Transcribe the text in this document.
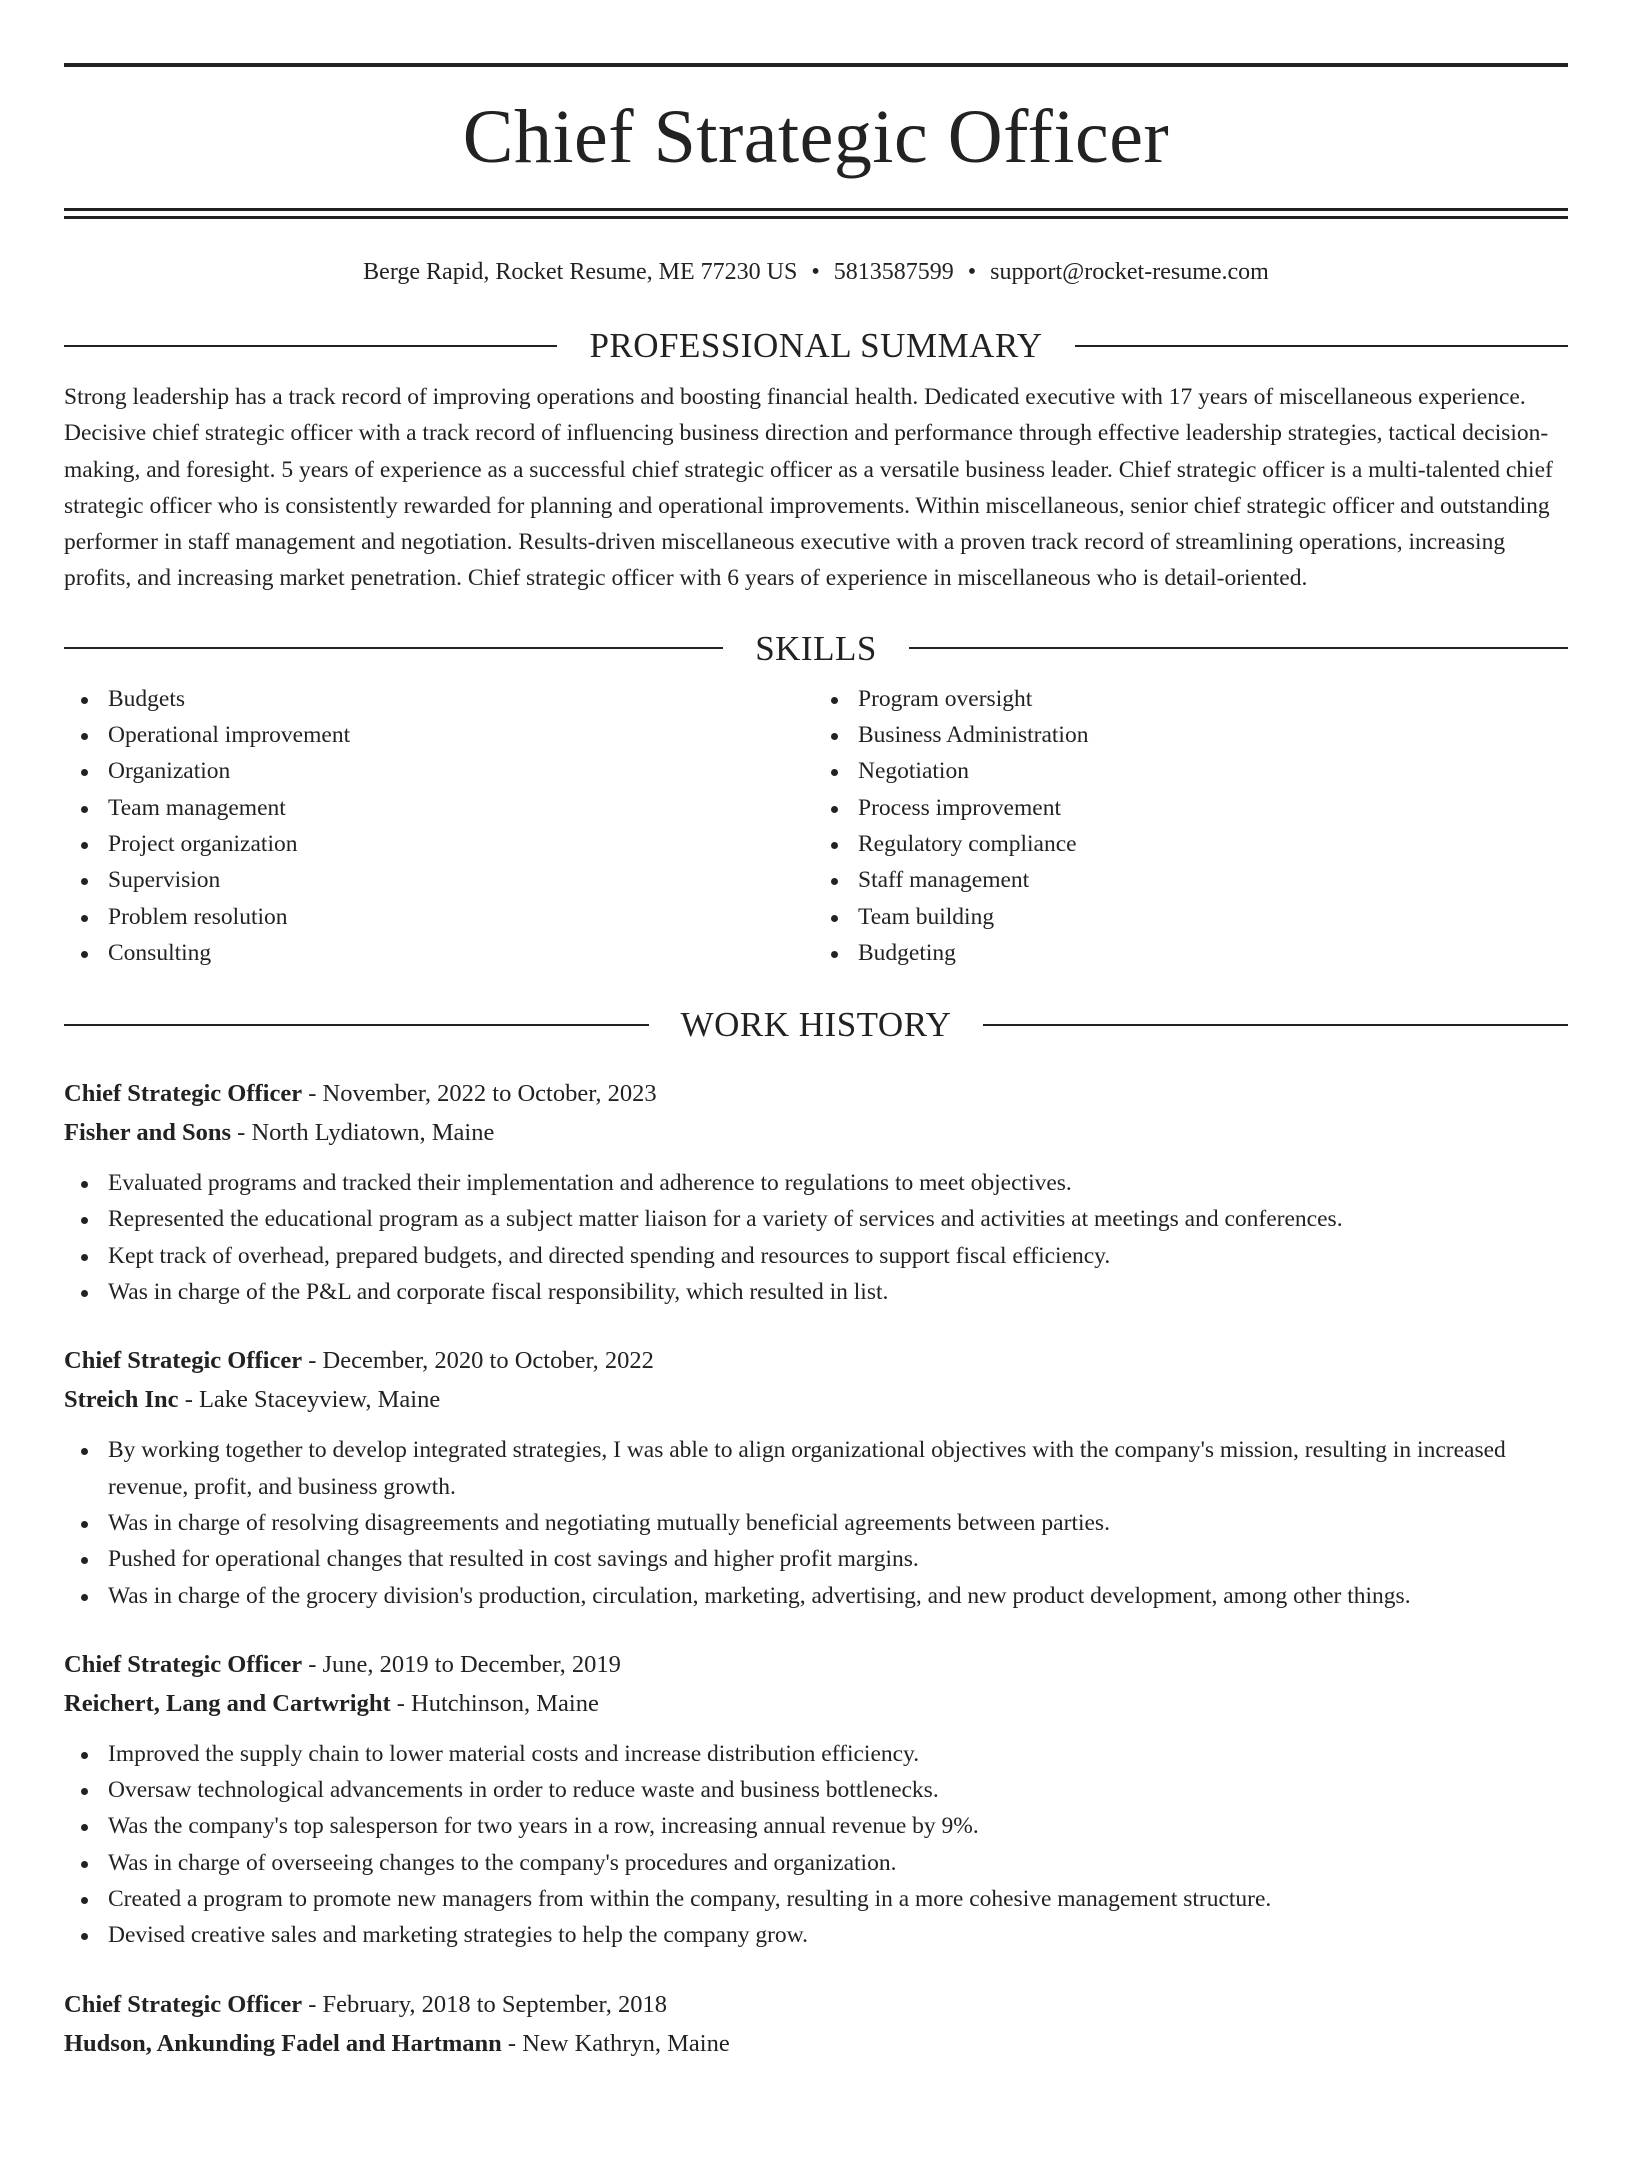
Chief Strategic Officer
Berge Rapid, Rocket Resume, ME 77230 US • 5813587599 • support@rocket-resume.com
PROFESSIONAL SUMMARY
Strong leadership has a track record of improving operations and boosting financial health. Dedicated executive with 17 years of miscellaneous experience. Decisive chief strategic officer with a track record of influencing business direction and performance through effective leadership strategies, tactical decision-making, and foresight. 5 years of experience as a successful chief strategic officer as a versatile business leader. Chief strategic officer is a multi-talented chief strategic officer who is consistently rewarded for planning and operational improvements. Within miscellaneous, senior chief strategic officer and outstanding performer in staff management and negotiation. Results-driven miscellaneous executive with a proven track record of streamlining operations, increasing profits, and increasing market penetration. Chief strategic officer with 6 years of experience in miscellaneous who is detail-oriented.
SKILLS
Budgets
Operational improvement
Organization
Team management
Project organization
Supervision
Problem resolution
Consulting
Program oversight
Business Administration
Negotiation
Process improvement
Regulatory compliance
Staff management
Team building
Budgeting
WORK HISTORY
Chief Strategic Officer - November, 2022 to October, 2023
Fisher and Sons - North Lydiatown, Maine
Evaluated programs and tracked their implementation and adherence to regulations to meet objectives.
Represented the educational program as a subject matter liaison for a variety of services and activities at meetings and conferences.
Kept track of overhead, prepared budgets, and directed spending and resources to support fiscal efficiency.
Was in charge of the P&L and corporate fiscal responsibility, which resulted in list.
Chief Strategic Officer - December, 2020 to October, 2022
Streich Inc - Lake Staceyview, Maine
By working together to develop integrated strategies, I was able to align organizational objectives with the company's mission, resulting in increased revenue, profit, and business growth.
Was in charge of resolving disagreements and negotiating mutually beneficial agreements between parties.
Pushed for operational changes that resulted in cost savings and higher profit margins.
Was in charge of the grocery division's production, circulation, marketing, advertising, and new product development, among other things.
Chief Strategic Officer - June, 2019 to December, 2019
Reichert, Lang and Cartwright - Hutchinson, Maine
Improved the supply chain to lower material costs and increase distribution efficiency.
Oversaw technological advancements in order to reduce waste and business bottlenecks.
Was the company's top salesperson for two years in a row, increasing annual revenue by 9%.
Was in charge of overseeing changes to the company's procedures and organization.
Created a program to promote new managers from within the company, resulting in a more cohesive management structure.
Devised creative sales and marketing strategies to help the company grow.
Chief Strategic Officer - February, 2018 to September, 2018
Hudson, Ankunding Fadel and Hartmann - New Kathryn, Maine
